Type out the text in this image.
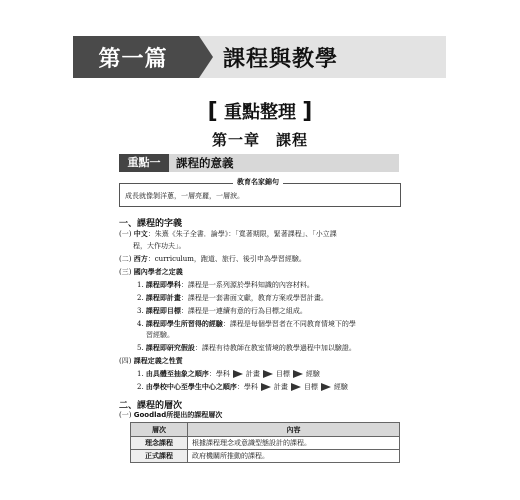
第一篇	課程與教學
[ 重點整理 ]
第一章　課程
重點一	課程的意義
教育名家錦句
成長就像剝洋蔥，一層亮麗，一層淚。
一、課程的字義
(一) 中文：朱熹《朱子全書．論學》：「寬著期限，緊著課程」、「小立課
程，大作功夫」。
(二) 西方：curriculum，跑道、旅行、後引申為學習經驗。
(三) 國內學者之定義
1. 課程即學科：課程是一系列源於學科知識的內容材料。
2. 課程即計畫：課程是一套書面文獻，教育方案或學習計畫。
3. 課程即目標：課程是一連續有意的行為目標之組成。
4. 課程即學生所習得的經驗：課程是每個學習者在不同教育情境下的學
習經驗。
5. 課程即研究假設：課程有待教師在教室情境的教學過程中加以驗證。
(四) 課程定義之性質
1. 由具體至抽象之順序：學科 計畫 目標 經驗
2. 由學校中心至學生中心之順序：學科 計畫 目標 經驗
二、課程的層次
(一) Goodlad所提出的課程層次
層次	內容
理念課程	根據課程理念或意識型態設計的課程。
正式課程	政府機關所推動的課程。
